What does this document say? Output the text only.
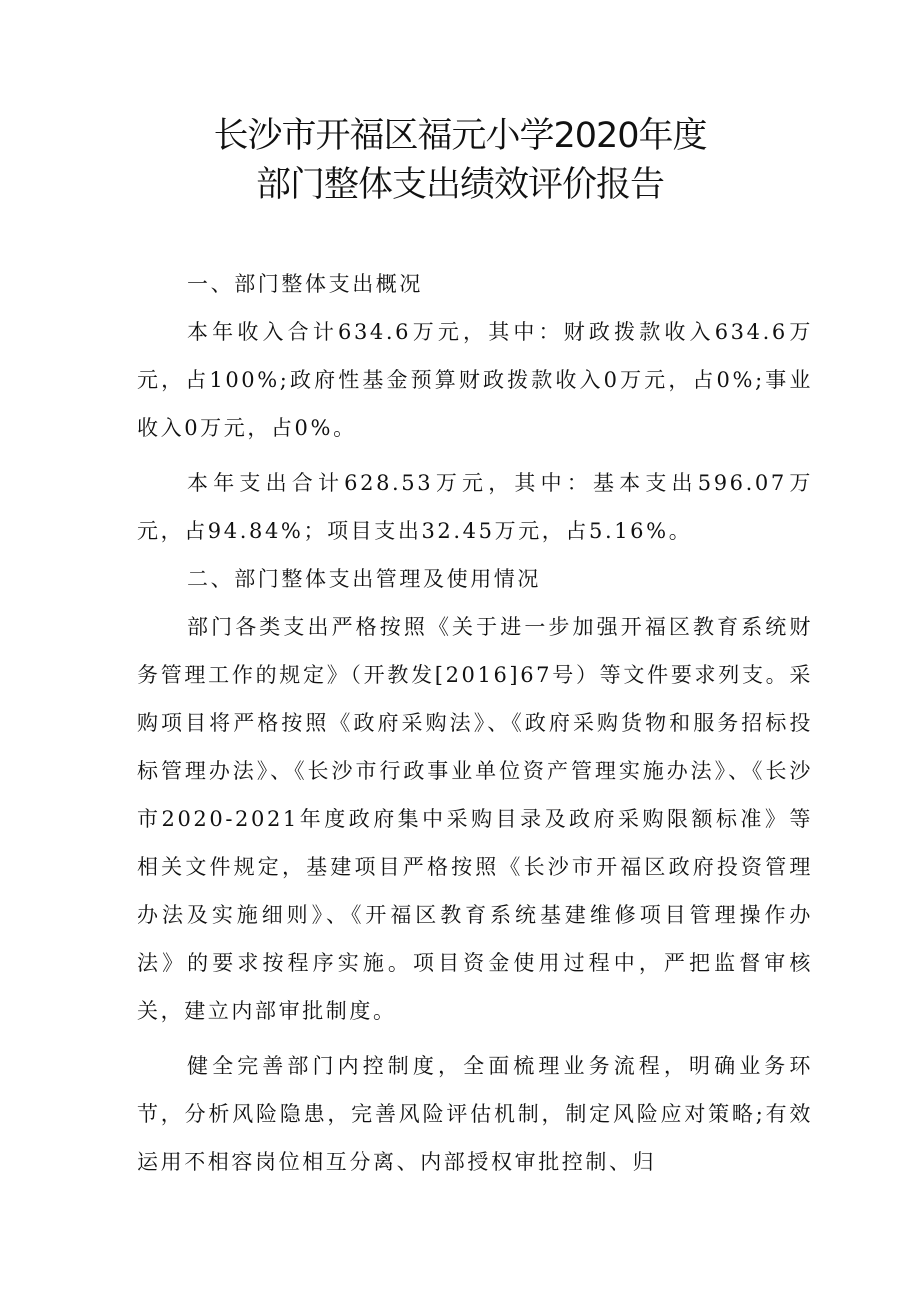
长沙市开福区福元小学2020年度
部门整体支出绩效评价报告

一、部门整体支出概况

本年收入合计634.6万元，其中：财政拨款收入634.6万元，占100%;政府性基金预算财政拨款收入0万元，占0%;事业收入0万元，占0%。

本年支出合计628.53万元，其中：基本支出596.07万元，占94.84%；项目支出32.45万元，占5.16%。

二、部门整体支出管理及使用情况

部门各类支出严格按照《关于进一步加强开福区教育系统财务管理工作的规定》（开教发[2016]67号）等文件要求列支。采购项目将严格按照《政府采购法》、《政府采购货物和服务招标投标管理办法》、《长沙市行政事业单位资产管理实施办法》、《长沙市2020-2021年度政府集中采购目录及政府采购限额标准》等相关文件规定，基建项目严格按照《长沙市开福区政府投资管理办法及实施细则》、《开福区教育系统基建维修项目管理操作办法》的要求按程序实施。项目资金使用过程中，严把监督审核关，建立内部审批制度。

健全完善部门内控制度，全面梳理业务流程，明确业务环节，分析风险隐患，完善风险评估机制，制定风险应对策略;有效运用不相容岗位相互分离、内部授权审批控制、归
